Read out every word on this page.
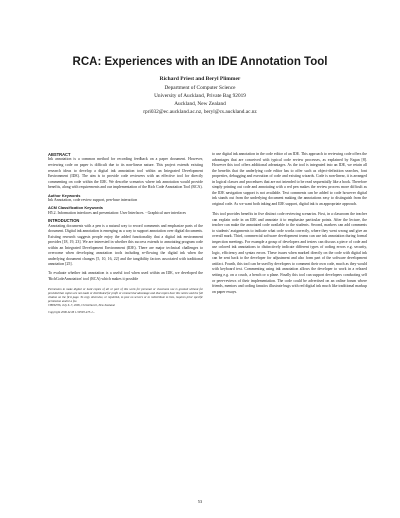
RCA: Experiences with an IDE Annotation Tool
Richard Priest and Beryl Plimmer
Department of Computer Science
University of Auckland, Private Bag 92019
Auckland, New Zealand
rpri032@ec.auckland.ac.nz, beryl@cs.auckland.ac.nz
ABSTRACT

Ink annotation is a common method for recording feedback on a paper document. However, reviewing code on paper is difficult due to its non-linear nature. This project extends existing research ideas to develop a digital ink annotation tool within an Integrated Development Environment (IDE). The aim is to provide code reviewers with an effective tool for directly commenting on code within the IDE. We describe scenarios where ink annotation would provide benefits, along with requirements and our implementation of the Rich Code Annotation Tool (RCA).

Author Keywords

Ink Annotation, code review support, pen-base interaction

ACM Classification Keywords

H5.2. Information interfaces and presentation: User Interfaces. - Graphical user interfaces

INTRODUCTION

Annotating documents with a pen is a natural way to record comments and emphasize parts of the document. Digital ink annotation is emerging as a way to support annotation over digital documents. Existing research suggests people enjoy the added functionality that a digital ink environment provides [18, 19, 23]. We are interested in whether this success extends to annotating program code within an Integrated Development Environment (IDE). There are major technical challenges to overcome when developing annotation tools including re-flowing the digital ink when the underlying document changes [5, 10, 16, 22] and the tangibility factors associated with traditional annotation [25].

To evaluate whether ink annotation is a useful tool when used within an IDE, we developed the 'RichCodeAnnotation' tool (RCA) which makes it possible

Permission to make digital or hard copies of all or part of this work for personal or classroom use is granted without fee provided that copies are not made or distributed for profit or commercial advantage and that copies bear this notice and the full citation on the first page. To copy otherwise, or republish, to post on servers or to redistribute to lists, requires prior specific permission and/or a fee.

CHINZ'06, July 6–7, 2006, Christchurch, New Zealand.

Copyright 2006 ACM 1-59593-473-1...

to use digital ink annotation in the code editor of an IDE. This approach to reviewing code offers the advantages that are conceived with typical code review processes, as explained by Fagan [8]. However this tool offers additional advantages. As the tool is integrated into an IDE, we retain all the benefits that the underlying code editor has to offer such as object-definition searches, font properties, debugging and execution of code and existing wizards. Code is non-linear, it is arranged in logical classes and procedures that are not intended to be read sequentially like a book. Therefore simply printing out code and annotating with a red pen makes the review process more difficult as the IDE navigation support is not available. Text comments can be added to code however digital ink stands out from the underlying document making the annotations easy to distinguish from the original code. As we want both inking and IDE support, digital ink is an appropriate approach.

This tool provides benefits in five distinct code reviewing scenarios. First, in a classroom the teacher can explain code in an IDE and annotate it to emphasize particular points. After the lecture, the teacher can make the annotated code available to the students. Second, markers can add comments to students' assignments to indicate what code works correctly, where they went wrong and give an overall mark. Third, commercial software development teams can use ink annotation during formal inspection meetings. For example a group of developers and testers can discuss a piece of code and use colored ink annotations to distinctively indicate different types of coding errors e.g. security, logic, efficiency and syntax errors. These issues when marked directly on the code with digital ink can be sent back to the developer for adjustment and also form part of the software development artifact. Fourth, this tool can be used by developers to comment their own code, much as they would with keyboard text. Commenting using ink annotation allows the developer to work in a relaxed setting e.g. on a couch, a bench or a plane. Finally this tool can support developers conducting self or peer-reviews of their implementation. The code could be advertised on an online forum where friends, mentors and coding fanatics illustrate bugs with red digital ink much like traditional markup on paper essays.

53
